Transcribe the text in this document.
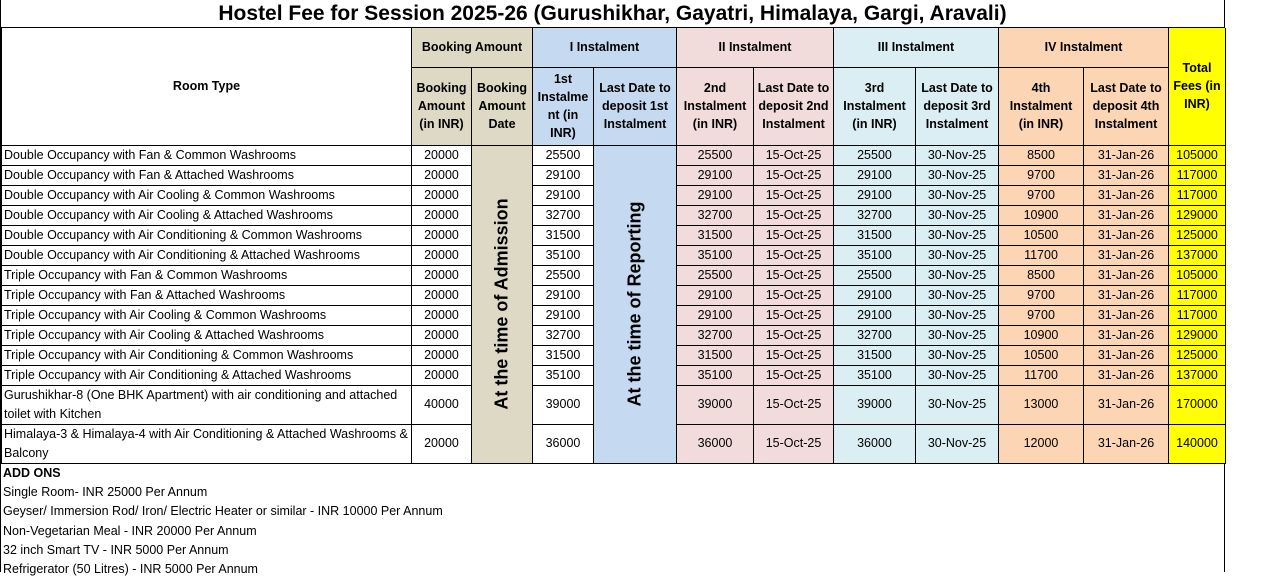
Hostel Fee for Session 2025-26 (Gurushikhar, Gayatri, Himalaya, Gargi, Aravali)
Room Type	Booking Amount		I Instalment		II Instalment		III Instalment		IV Instalment		Total Fees (in INR)
	Booking Amount (in INR)	Booking Amount Date	1st Instalme nt (in INR)	Last Date to deposit 1st Instalment	2nd Instalment (in INR)	Last Date to deposit 2nd Instalment	3rd Instalment (in INR)	Last Date to deposit 3rd Instalment	4th Instalment (in INR)	Last Date to deposit 4th Instalment	
Double Occupancy with Fan & Common Washrooms	20000	At the time of Admission	25500	At the time of Reporting	25500	15-Oct-25	25500	30-Nov-25	8500	31-Jan-26	105000
Double Occupancy with Fan & Attached Washrooms	20000		29100		29100	15-Oct-25	29100	30-Nov-25	9700	31-Jan-26	117000
Double Occupancy with Air Cooling & Common Washrooms	20000		29100		29100	15-Oct-25	29100	30-Nov-25	9700	31-Jan-26	117000
Double Occupancy with Air Cooling & Attached Washrooms	20000		32700		32700	15-Oct-25	32700	30-Nov-25	10900	31-Jan-26	129000
Double Occupancy with Air Conditioning & Common Washrooms	20000		31500		31500	15-Oct-25	31500	30-Nov-25	10500	31-Jan-26	125000
Double Occupancy with Air Conditioning & Attached Washrooms	20000		35100		35100	15-Oct-25	35100	30-Nov-25	11700	31-Jan-26	137000
Triple Occupancy with Fan & Common Washrooms	20000		25500		25500	15-Oct-25	25500	30-Nov-25	8500	31-Jan-26	105000
Triple Occupancy with Fan & Attached Washrooms	20000		29100		29100	15-Oct-25	29100	30-Nov-25	9700	31-Jan-26	117000
Triple Occupancy with Air Cooling & Common Washrooms	20000		29100		29100	15-Oct-25	29100	30-Nov-25	9700	31-Jan-26	117000
Triple Occupancy with Air Cooling & Attached Washrooms	20000		32700		32700	15-Oct-25	32700	30-Nov-25	10900	31-Jan-26	129000
Triple Occupancy with Air Conditioning & Common Washrooms	20000		31500		31500	15-Oct-25	31500	30-Nov-25	10500	31-Jan-26	125000
Triple Occupancy with Air Conditioning & Attached Washrooms	20000		35100		35100	15-Oct-25	35100	30-Nov-25	11700	31-Jan-26	137000
Gurushikhar-8 (One BHK Apartment) with air conditioning and attached toilet with Kitchen	40000		39000		39000	15-Oct-25	39000	30-Nov-25	13000	31-Jan-26	170000
Himalaya-3 & Himalaya-4 with Air Conditioning & Attached Washrooms & Balcony	20000		36000		36000	15-Oct-25	36000	30-Nov-25	12000	31-Jan-26	140000
ADD ONS
Single Room- INR 25000 Per Annum
Geyser/ Immersion Rod/ Iron/ Electric Heater or similar - INR 10000 Per Annum
Non-Vegetarian Meal - INR 20000 Per Annum
32 inch Smart TV - INR 5000 Per Annum
Refrigerator (50 Litres) - INR 5000 Per Annum
